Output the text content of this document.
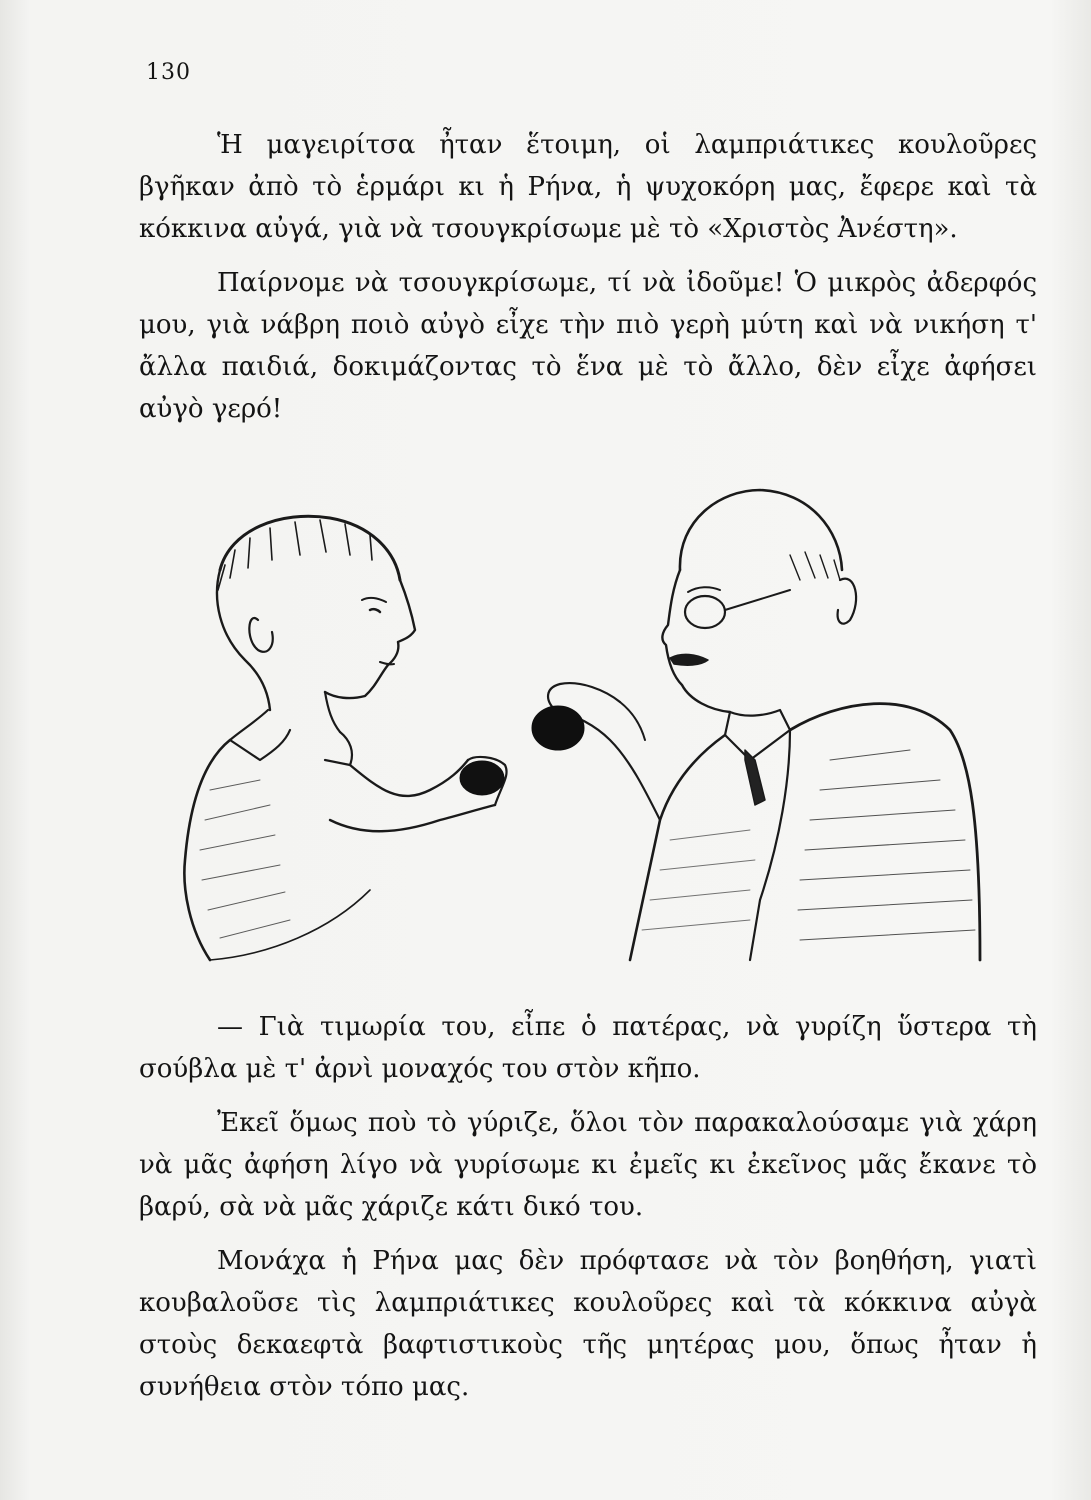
130

Ἡ μαγειρίτσα ἦταν ἕτοιμη, οἱ λαμπριάτικες κουλοῦρες βγῆκαν ἀπὸ τὸ ἑρμάρι κι ἡ Ρήνα, ἡ ψυχοκόρη μας, ἔφερε καὶ τὰ κόκκινα αὐγά, γιὰ νὰ τσουγκρίσωμε μὲ τὸ «Χριστὸς Ἀνέστη».

Παίρνομε νὰ τσουγκρίσωμε, τί νὰ ἰδοῦμε! Ὁ μικρὸς ἀδερφός μου, γιὰ νάβρη ποιὸ αὐγὸ εἶχε τὴν πιὸ γερὴ μύτη καὶ νὰ νικήση τ' ἄλλα παιδιά, δοκιμάζοντας τὸ ἕνα μὲ τὸ ἄλλο, δὲν εἶχε ἀφήσει αὐγὸ γερό!

— Γιὰ τιμωρία του, εἶπε ὁ πατέρας, νὰ γυρίζη ὕστερα τὴ σούβλα μὲ τ' ἀρνὶ μοναχός του στὸν κῆπο.

Ἐκεῖ ὅμως ποὺ τὸ γύριζε, ὅλοι τὸν παρακαλούσαμε γιὰ χάρη νὰ μᾶς ἀφήση λίγο νὰ γυρίσωμε κι ἐμεῖς κι ἐκεῖνος μᾶς ἔκανε τὸ βαρύ, σὰ νὰ μᾶς χάριζε κάτι δικό του.

Μονάχα ἡ Ρήνα μας δὲν πρόφτασε νὰ τὸν βοηθήση, γιατὶ κουβαλοῦσε τὶς λαμπριάτικες κουλοῦρες καὶ τὰ κόκκινα αὐγὰ στοὺς δεκαεφτὰ βαφτιστικοὺς τῆς μητέρας μου, ὅπως ἦταν ἡ συνήθεια στὸν τόπο μας.
